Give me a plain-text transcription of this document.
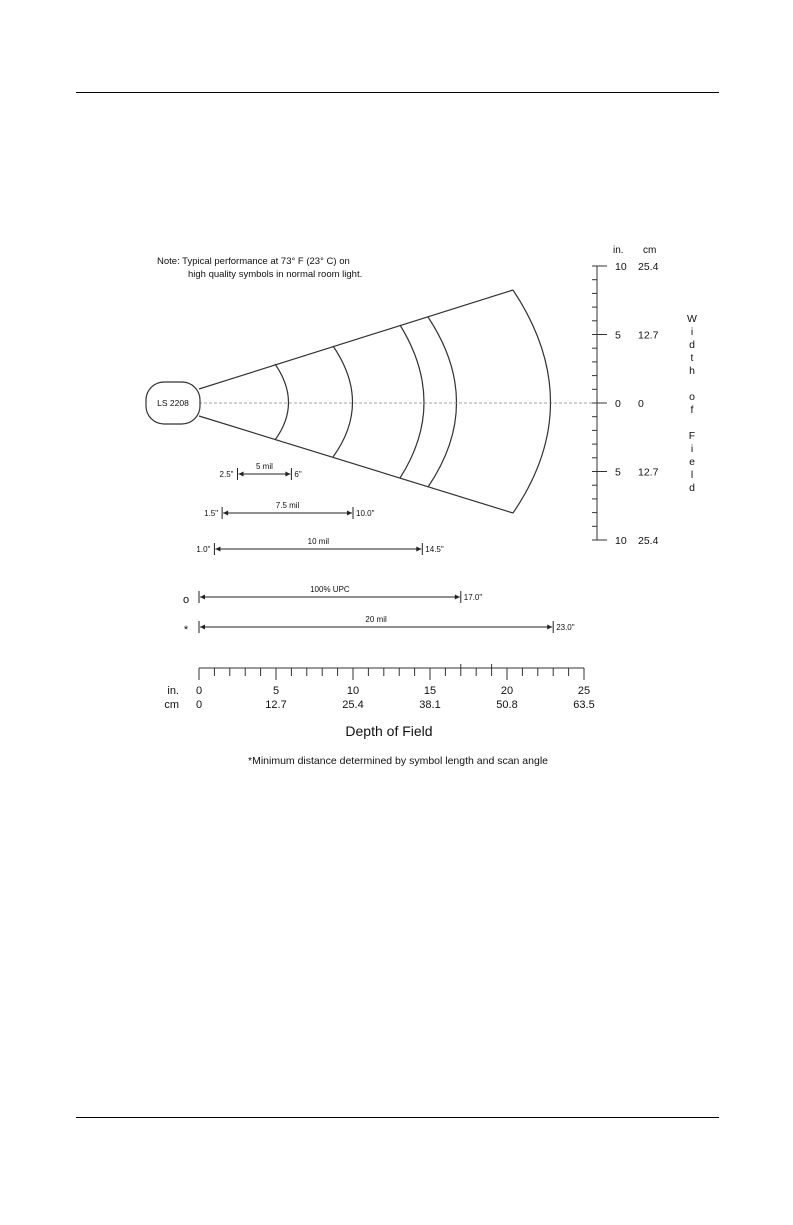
Note: Typical performance at 73° F (23° C) on
high quality symbols in normal room light.
LS 2208
in. cm
10 25.4
5 12.7
0 0
5 12.7
10 25.4
W i d t h o f F i e l d
5 mil
2.5"	6"
7.5 mil
1.5"	10.0"
10 mil
1.0"	14.5"
100% UPC
17.0"
o
20 mil
23.0"
*
in.
cm
0	5	10	15	20	25
0	12.7	25.4	38.1	50.8	63.5
Depth of Field
*Minimum distance determined by symbol length and scan angle
